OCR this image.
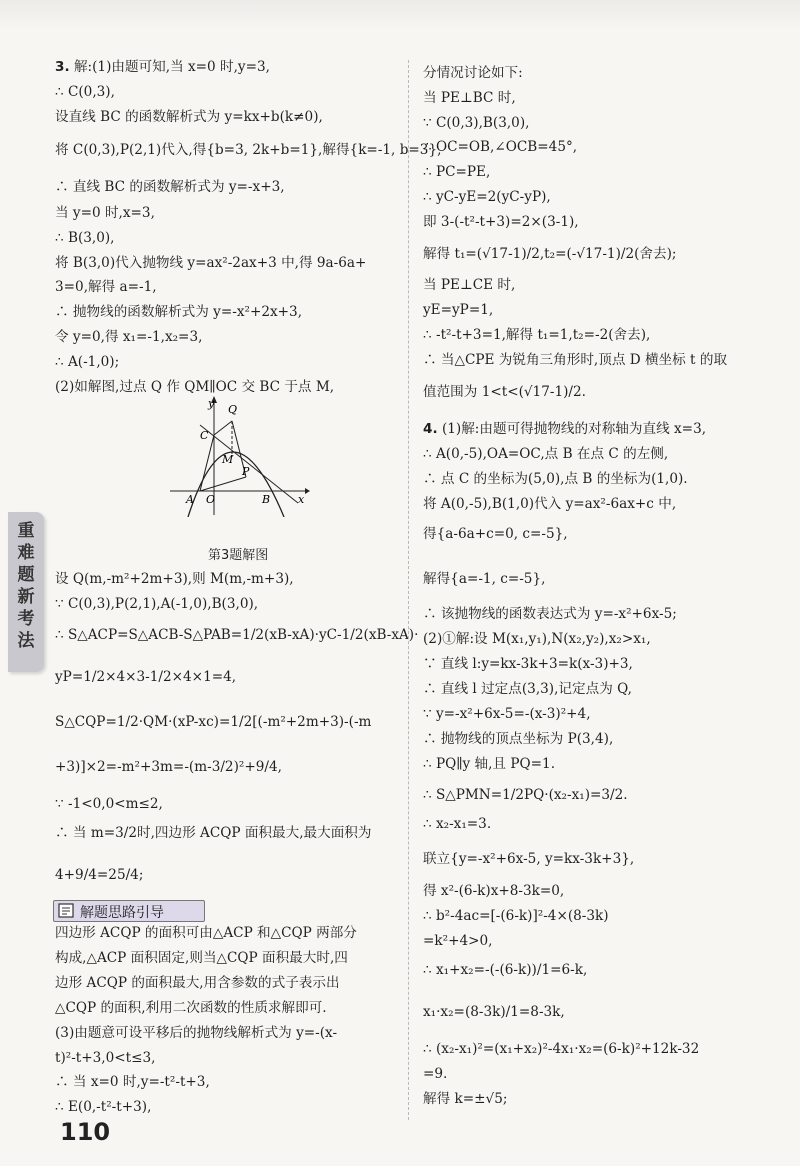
重难题新考法
3. 解:(1)由题可知,当 x=0 时,y=3,
∴ C(0,3),
设直线 BC 的函数解析式为 y=kx+b(k≠0),
将 C(0,3),P(2,1)代入,得{b=3, 2k+b=1},解得{k=-1, b=3},
∴ 直线 BC 的函数解析式为 y=-x+3,
当 y=0 时,x=3,
∴ B(3,0),
将 B(3,0)代入抛物线 y=ax²-2ax+3 中,得 9a-6a+
3=0,解得 a=-1,
∴ 抛物线的函数解析式为 y=-x²+2x+3,
令 y=0,得 x₁=-1,x₂=3,
∴ A(-1,0);
(2)如解图,过点 Q 作 QM∥OC 交 BC 于点 M,
设 Q(m,-m²+2m+3),则 M(m,-m+3),
∵ C(0,3),P(2,1),A(-1,0),B(3,0),
∴ S△ACP=S△ACB-S△PAB=1/2(xB-xA)·yC-1/2(xB-xA)·
yP=1/2×4×3-1/2×4×1=4,
S△CQP=1/2·QM·(xP-xc)=1/2[(-m²+2m+3)-(-m
+3)]×2=-m²+3m=-(m-3/2)²+9/4,
∵ -1<0,0<m≤2,
∴ 当 m=3/2时,四边形 ACQP 面积最大,最大面积为
4+9/4=25/4;
解题思路引导
四边形 ACQP 的面积可由△ACP 和△CQP 两部分
构成,△ACP 面积固定,则当△CQP 面积最大时,四
边形 ACQP 的面积最大,用含参数的式子表示出
△CQP 的面积,利用二次函数的性质求解即可.
(3)由题意可设平移后的抛物线解析式为 y=-(x-
t)²-t+3,0<t≤3,
∴ 当 x=0 时,y=-t²-t+3,
∴ E(0,-t²-t+3),
y
x
Q
C
M
P
A O	B
第3题解图
分情况讨论如下:
当 PE⊥BC 时,
∵ C(0,3),B(3,0),
∴ OC=OB,∠OCB=45°,
∴ PC=PE,
∴ yC-yE=2(yC-yP),
即 3-(-t²-t+3)=2×(3-1),
解得 t₁=(√17-1)/2,t₂=(-√17-1)/2(舍去);
当 PE⊥CE 时,
yE=yP=1,
∴ -t²-t+3=1,解得 t₁=1,t₂=-2(舍去),
∴ 当△CPE 为锐角三角形时,顶点 D 横坐标 t 的取
值范围为 1<t<(√17-1)/2.
4. (1)解:由题可得抛物线的对称轴为直线 x=3,
∴ A(0,-5),OA=OC,点 B 在点 C 的左侧,
∴ 点 C 的坐标为(5,0),点 B 的坐标为(1,0).
将 A(0,-5),B(1,0)代入 y=ax²-6ax+c 中,
得{a-6a+c=0, c=-5},
解得{a=-1, c=-5},
∴ 该抛物线的函数表达式为 y=-x²+6x-5;
(2)①解:设 M(x₁,y₁),N(x₂,y₂),x₂>x₁,
∵ 直线 l:y=kx-3k+3=k(x-3)+3,
∴ 直线 l 过定点(3,3),记定点为 Q,
∵ y=-x²+6x-5=-(x-3)²+4,
∴ 抛物线的顶点坐标为 P(3,4),
∴ PQ∥y 轴,且 PQ=1.
∴ S△PMN=1/2PQ·(x₂-x₁)=3/2.
∴ x₂-x₁=3.
联立{y=-x²+6x-5, y=kx-3k+3},
得 x²-(6-k)x+8-3k=0,
∴ b²-4ac=[-(6-k)]²-4×(8-3k)
=k²+4>0,
∴ x₁+x₂=-(-(6-k))/1=6-k,
x₁·x₂=(8-3k)/1=8-3k,
∴ (x₂-x₁)²=(x₁+x₂)²-4x₁·x₂=(6-k)²+12k-32
=9.
解得 k=±√5;
110
